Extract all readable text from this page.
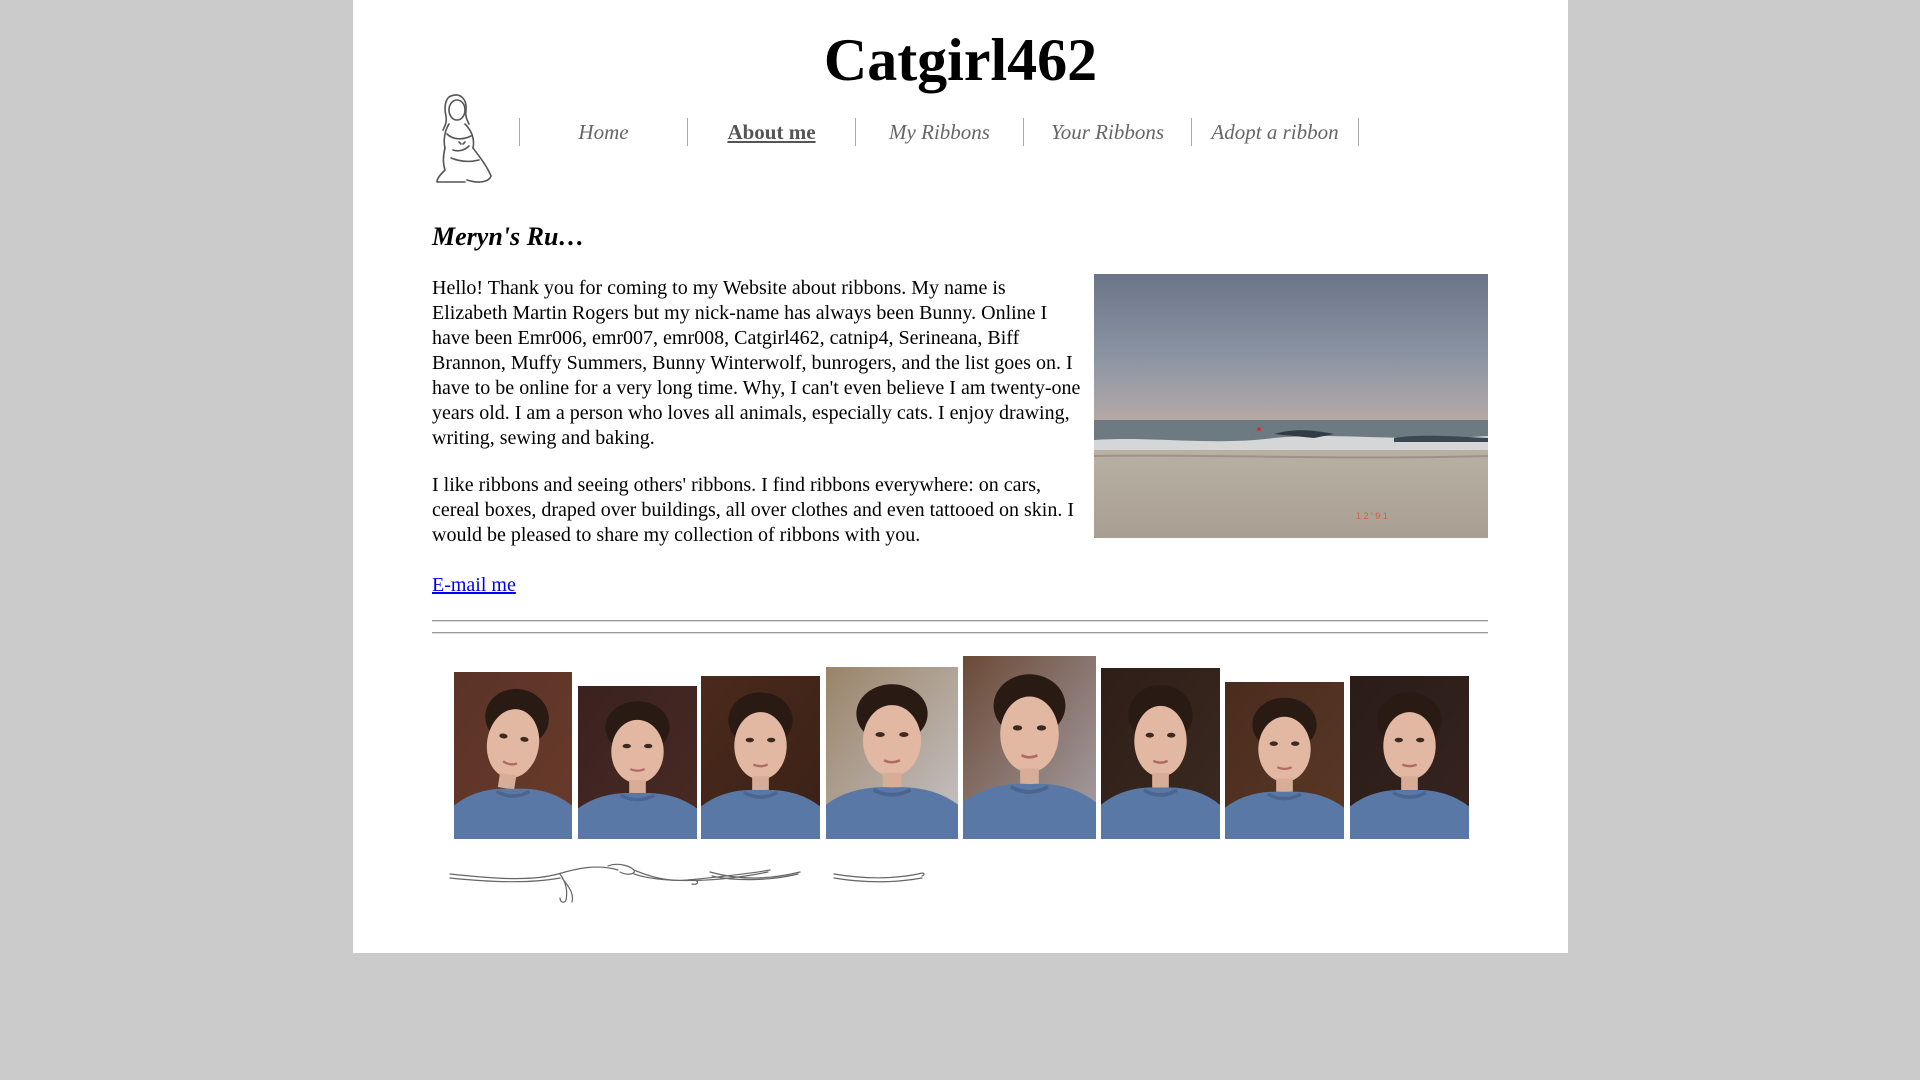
Catgirl462
Home	About me	My Ribbons	Your Ribbons	Adopt a ribbon
Meryn's Ru…
1 2 ' 9 1

Hello! Thank you for coming to my Website about ribbons. My name is Elizabeth Martin Rogers but my nick-name has always been Bunny. Online I have been Emr006, emr007, emr008, Catgirl462, catnip4, Serineana, Biff Brannon, Muffy Summers, Bunny Winterwolf, bunrogers, and the list goes on. I have to be online for a very long time. Why, I can't even believe I am twenty-one years old. I am a person who loves all animals, especially cats. I enjoy drawing, writing, sewing and baking.

I like ribbons and seeing others' ribbons. I find ribbons everywhere: on cars, cereal boxes, draped over buildings, all over clothes and even tattooed on skin. I would be pleased to share my collection of ribbons with you.

E-mail me
